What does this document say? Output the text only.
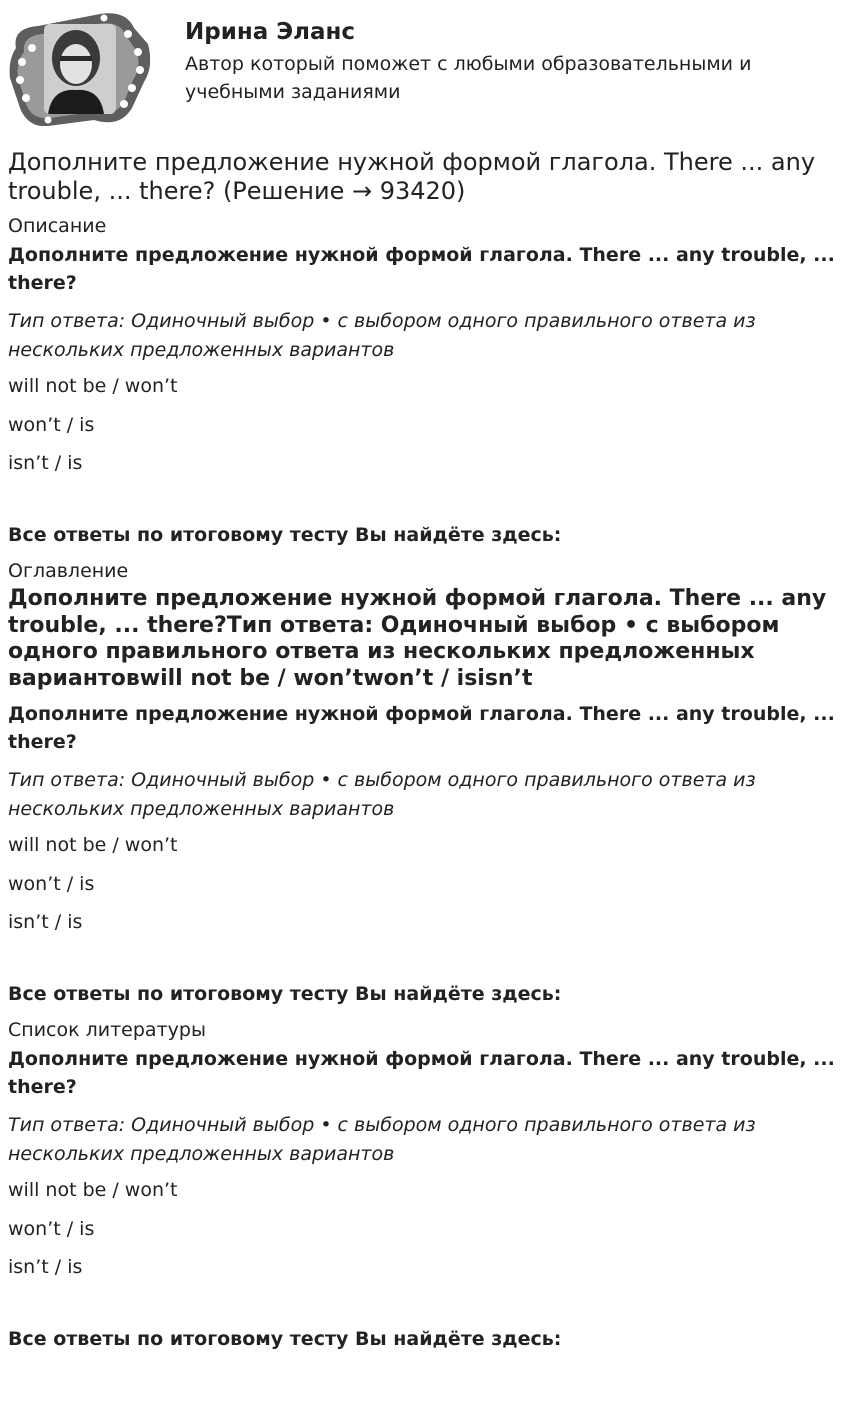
Ирина Эланс
Автор который поможет с любыми образовательными и учебными заданиями
Дополните предложение нужной формой глагола. There ... any trouble, ... there? (Решение → 93420)
Описание
Дополните предложение нужной формой глагола. There ... any trouble, ... there?
Тип ответа: Одиночный выбор • с выбором одного правильного ответа из нескольких предложенных вариантов
will not be / won’t
won’t / is
isn’t / is
Все ответы по итоговому тесту Вы найдёте здесь:
Оглавление
Дополните предложение нужной формой глагола. There ... any trouble, ... there?Тип ответа: Одиночный выбор • с выбором одного правильного ответа из нескольких предложенных вариантовwill not be / won’twon’t / isisn’t
Дополните предложение нужной формой глагола. There ... any trouble, ... there?
Тип ответа: Одиночный выбор • с выбором одного правильного ответа из нескольких предложенных вариантов
will not be / won’t
won’t / is
isn’t / is
Все ответы по итоговому тесту Вы найдёте здесь:
Список литературы
Дополните предложение нужной формой глагола. There ... any trouble, ... there?
Тип ответа: Одиночный выбор • с выбором одного правильного ответа из нескольких предложенных вариантов
will not be / won’t
won’t / is
isn’t / is
Все ответы по итоговому тесту Вы найдёте здесь:
